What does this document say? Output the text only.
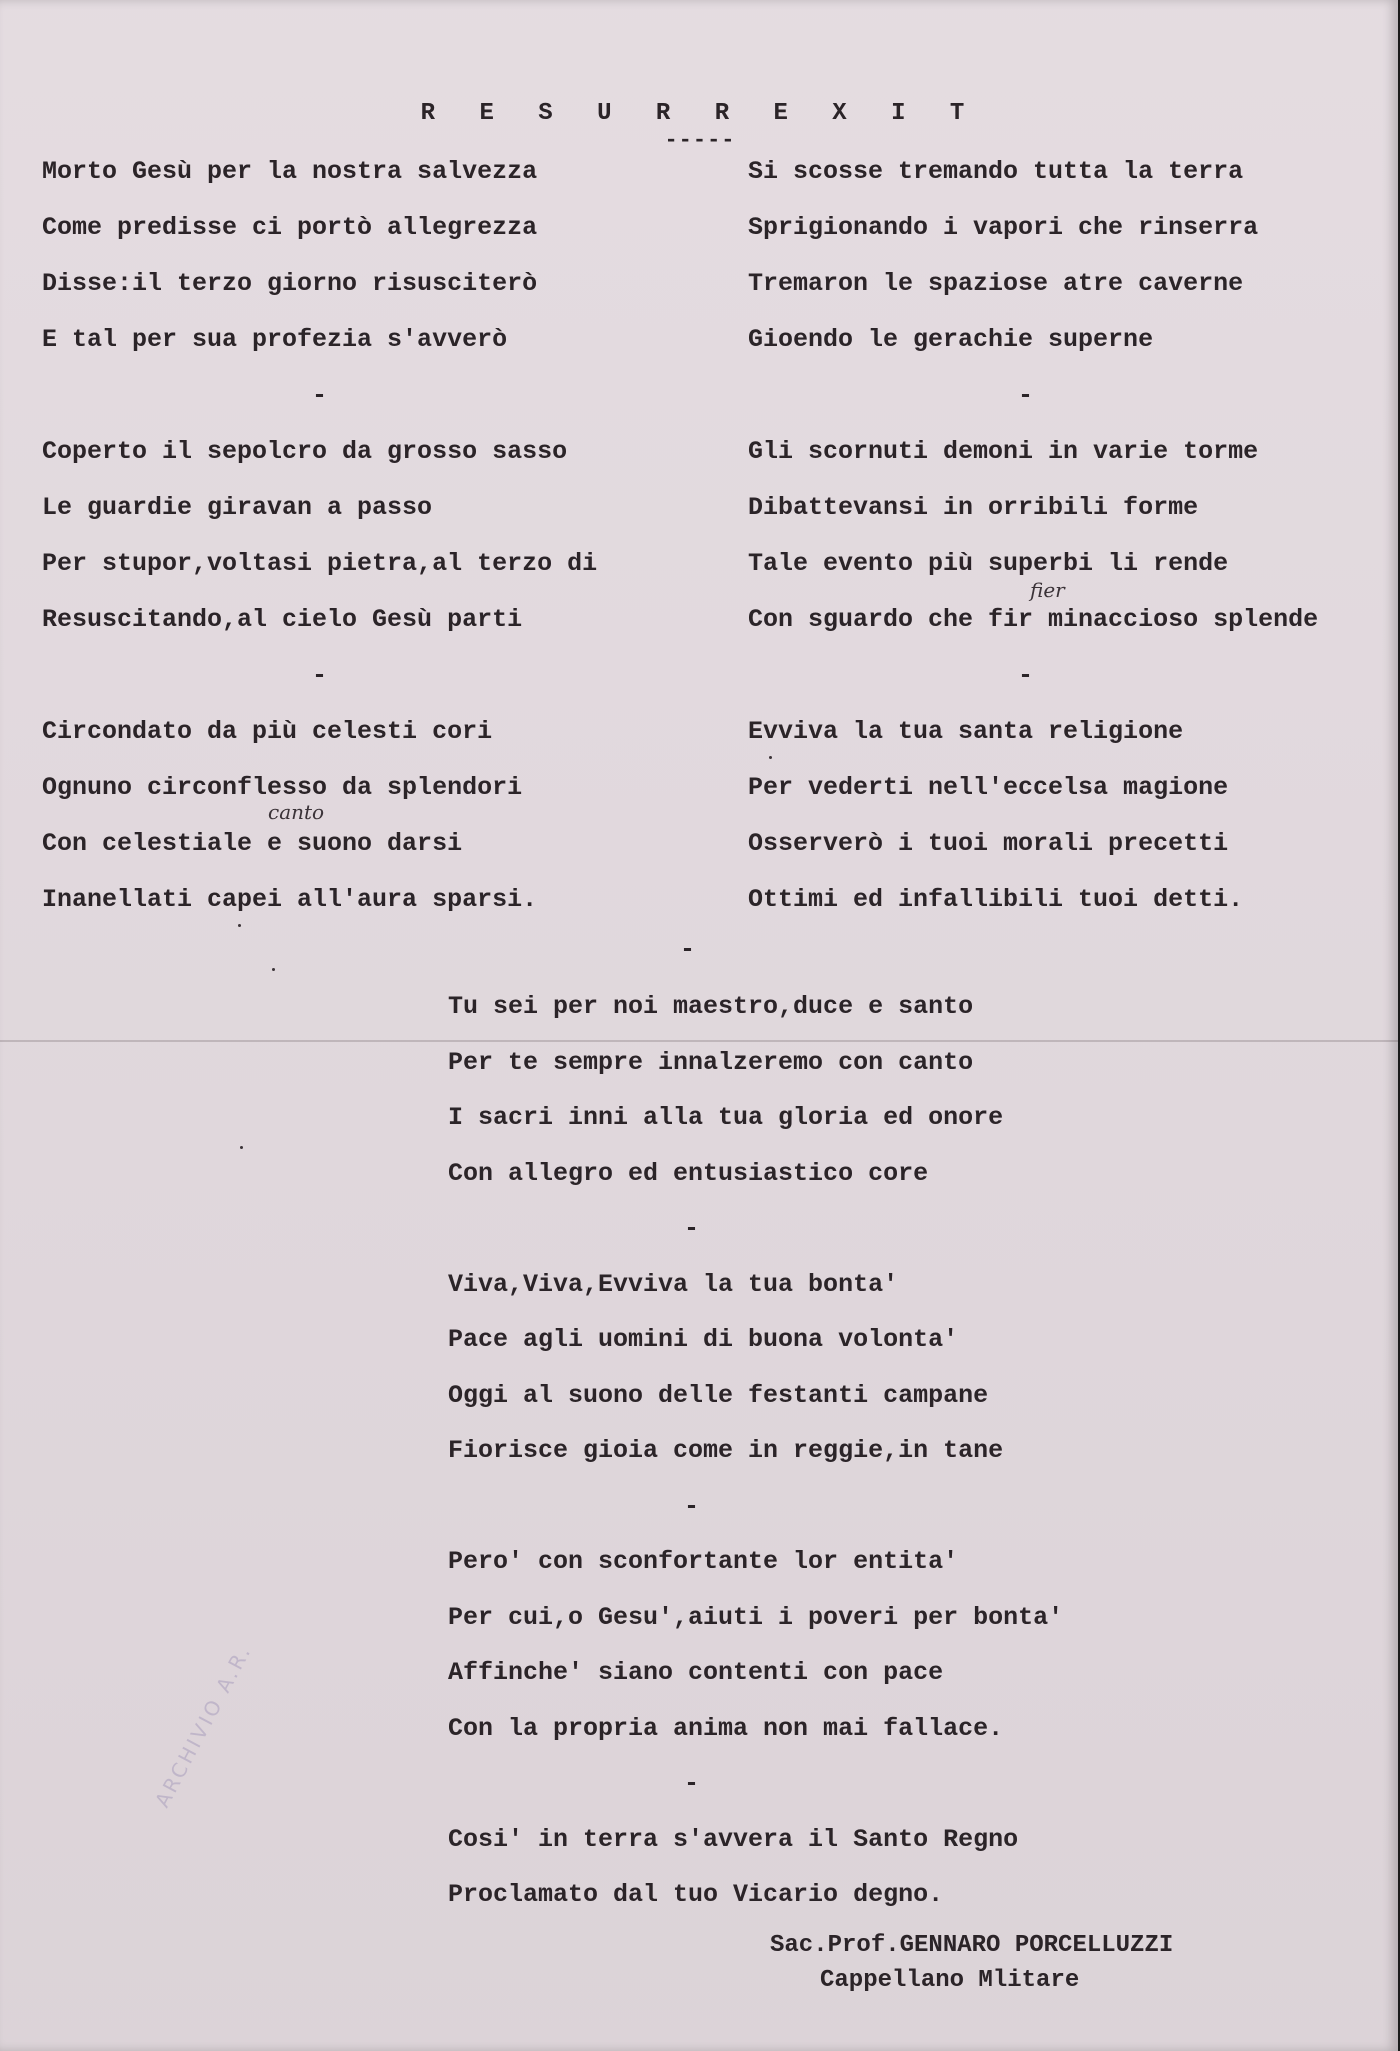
R E S U R R E X I T
-----
Morto Gesù per la nostra salvezza
Come predisse ci portò allegrezza
Disse:il terzo giorno risusciterò
E tal per sua profezia s'avverò
-
Coperto il sepolcro da grosso sasso
Le guardie giravan a passo
Per stupor,voltasi pietra,al terzo di
Resuscitando,al cielo Gesù parti
-
Circondato da più celesti cori
Ognuno circonflesso da splendori
Con celestiale e suono darsi
Inanellati capei all'aura sparsi.
Si scosse tremando tutta la terra
Sprigionando i vapori che rinserra
Tremaron le spaziose atre caverne
Gioendo le gerachie superne
-
Gli scornuti demoni in varie torme
Dibattevansi in orribili forme
Tale evento più superbi li rende
Con sguardo che fir minaccioso splende
-
Evviva la tua santa religione
Per vederti nell'eccelsa magione
Osserverò i tuoi morali precetti
Ottimi ed infallibili tuoi detti.
-
Tu sei per noi maestro,duce e santo
Per te sempre innalzeremo con canto
I sacri inni alla tua gloria ed onore
Con allegro ed entusiastico core
-
Viva,Viva,Evviva la tua bonta'
Pace agli uomini di buona volonta'
Oggi al suono delle festanti campane
Fiorisce gioia come in reggie,in tane
-
Pero' con sconfortante lor entita'
Per cui,o Gesu',aiuti i poveri per bonta'
Affinche' siano contenti con pace
Con la propria anima non mai fallace.
-
Cosi' in terra s'avvera il Santo Regno
Proclamato dal tuo Vicario degno.
Sac.Prof.GENNARO PORCELLUZZI
Cappellano Mlitare
canto
fier
ARCHIVIO A.R.
